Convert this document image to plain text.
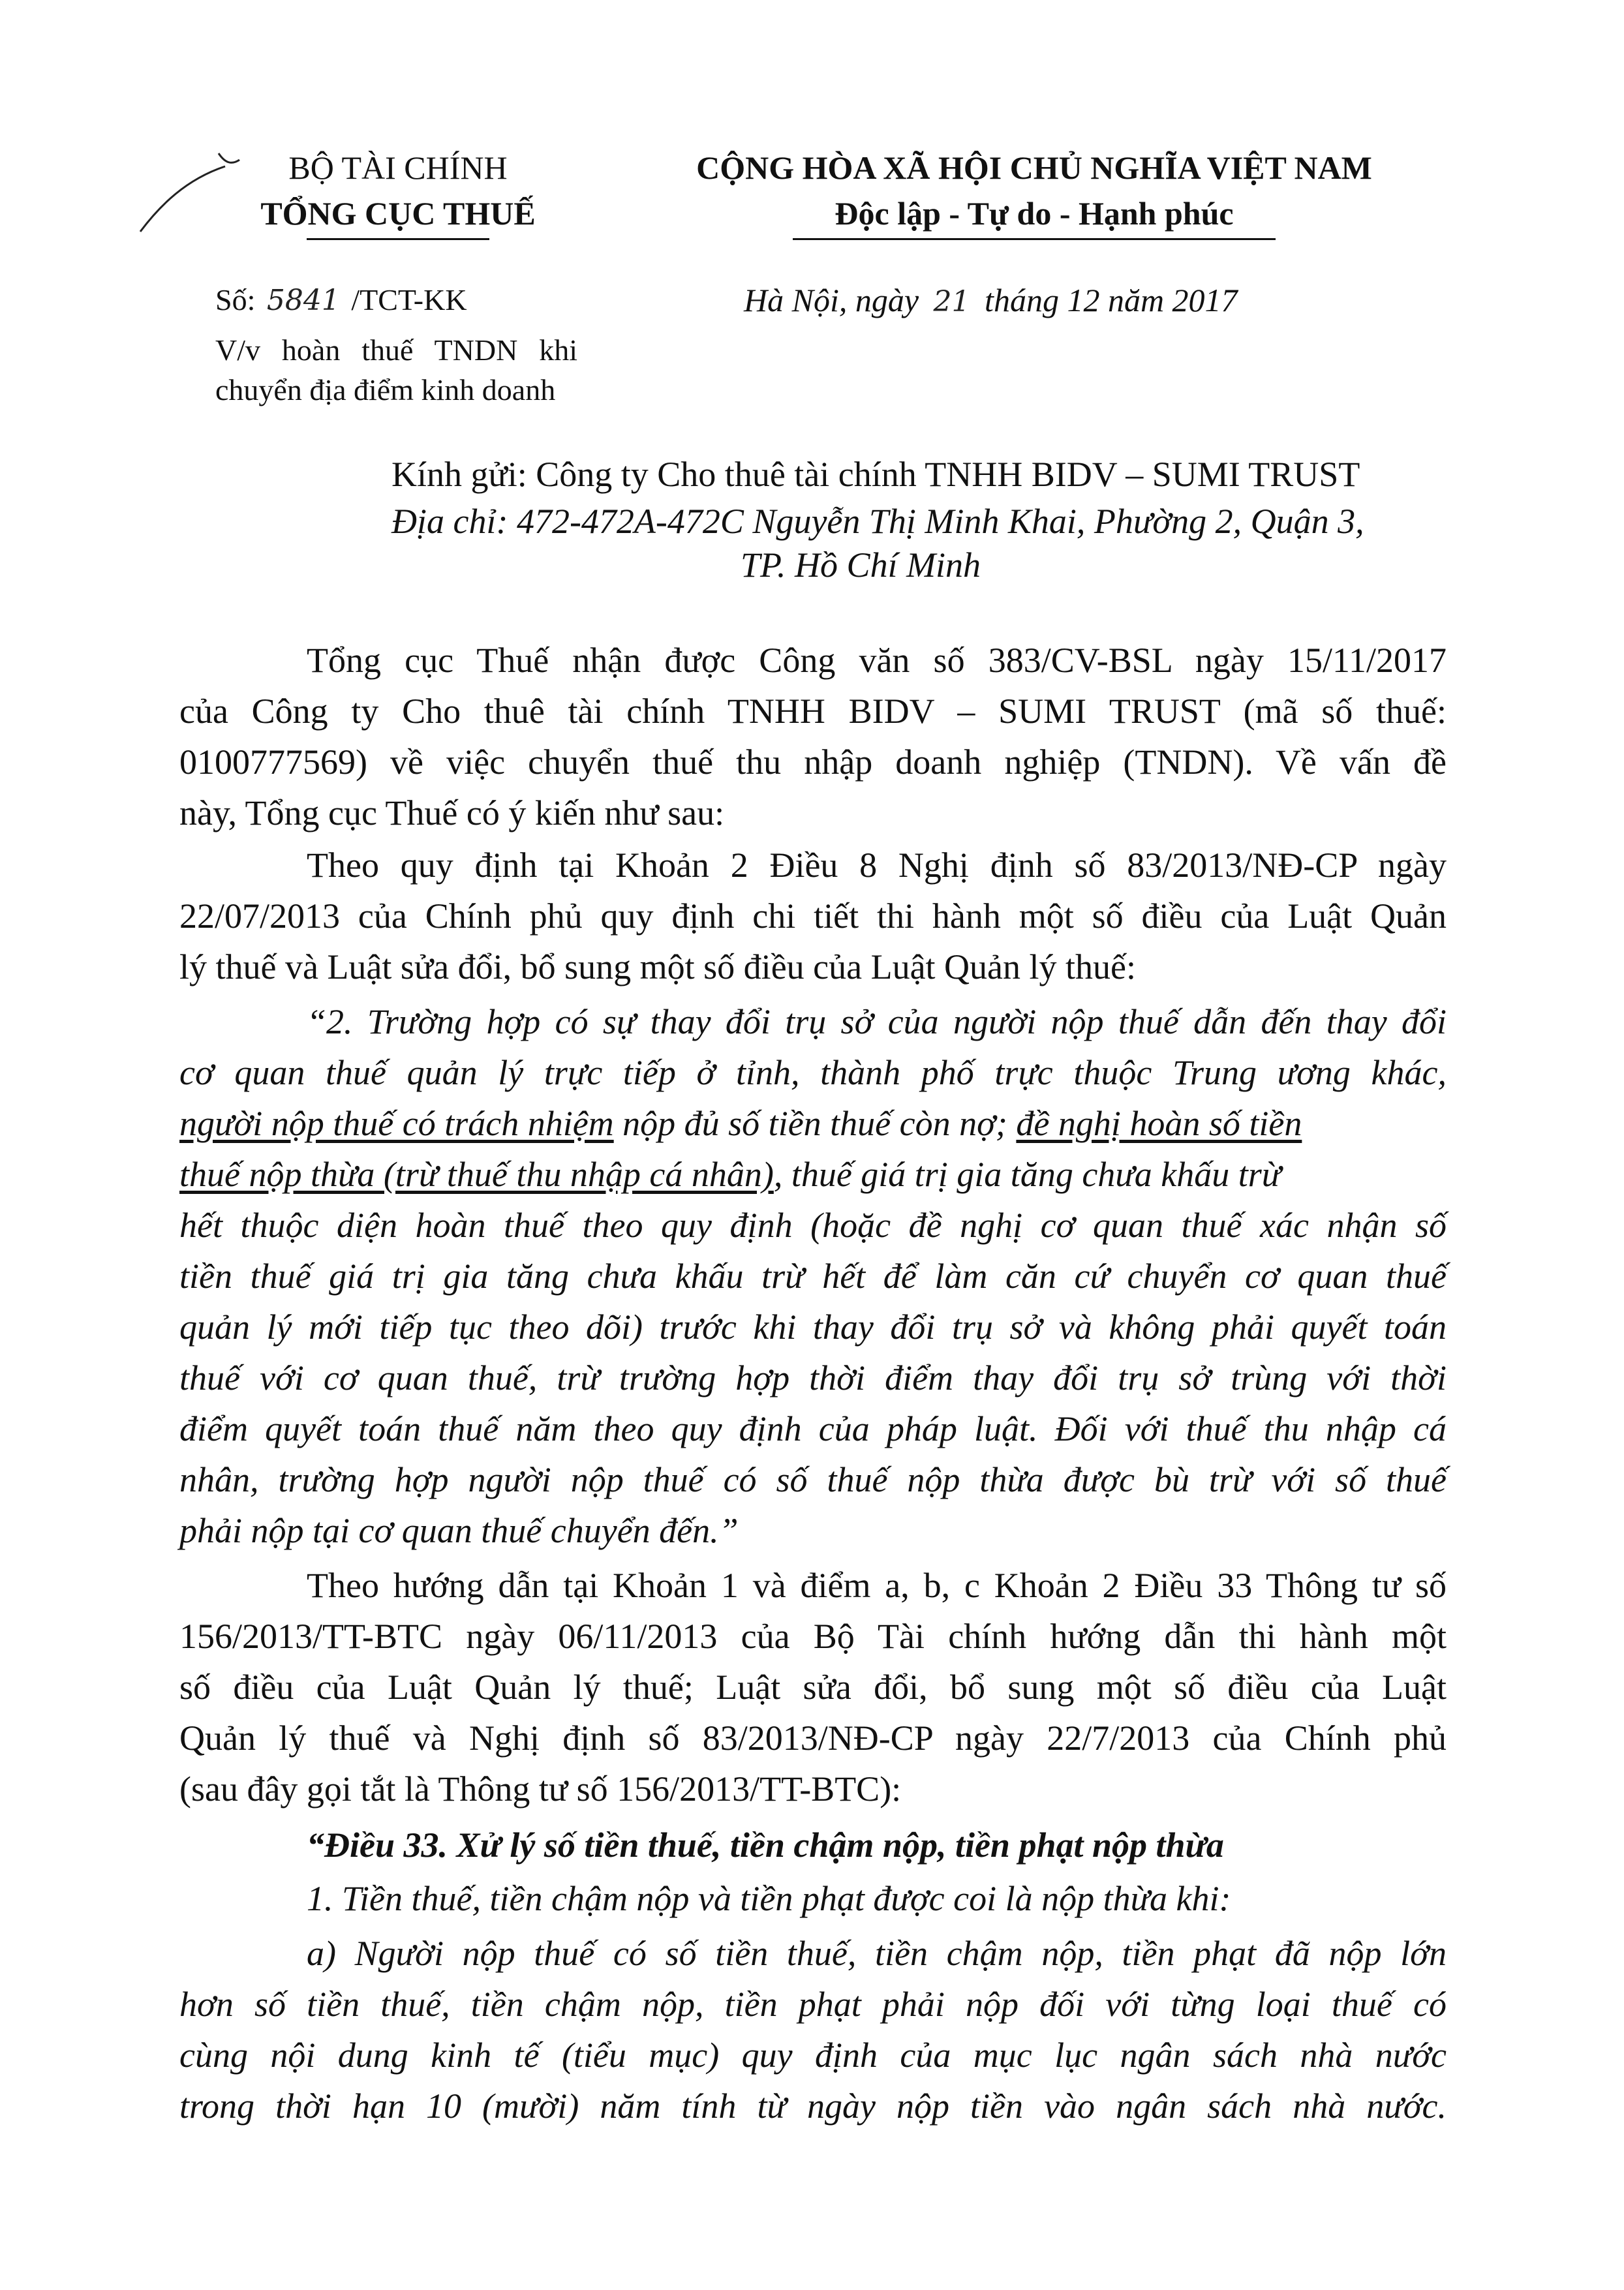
BỘ TÀI CHÍNH
TỔNG CỤC THUẾ
CỘNG HÒA XÃ HỘI CHỦ NGHĨA VIỆT NAM
Độc lập - Tự do - Hạnh phúc
Số: 5841 /TCT-KK
V/v hoàn thuế TNDN khi
chuyển địa điểm kinh doanh
Hà Nội, ngày 21 tháng 12 năm 2017
Kính gửi: Công ty Cho thuê tài chính TNHH BIDV – SUMI TRUST
Địa chỉ: 472-472A-472C Nguyễn Thị Minh Khai, Phường 2, Quận 3,
TP. Hồ Chí Minh
Tổng cục Thuế nhận được Công văn số 383/CV-BSL ngày 15/11/2017
của Công ty Cho thuê tài chính TNHH BIDV – SUMI TRUST (mã số thuế:
0100777569) về việc chuyển thuế thu nhập doanh nghiệp (TNDN). Về vấn đề
này, Tổng cục Thuế có ý kiến như sau:
Theo quy định tại Khoản 2 Điều 8 Nghị định số 83/2013/NĐ-CP ngày
22/07/2013 của Chính phủ quy định chi tiết thi hành một số điều của Luật Quản
lý thuế và Luật sửa đổi, bổ sung một số điều của Luật Quản lý thuế:
“2. Trường hợp có sự thay đổi trụ sở của người nộp thuế dẫn đến thay đổi
cơ quan thuế quản lý trực tiếp ở tỉnh, thành phố trực thuộc Trung ương khác,
người nộp thuế có trách nhiệm nộp đủ số tiền thuế còn nợ; đề nghị hoàn số tiền
thuế nộp thừa (trừ thuế thu nhập cá nhân), thuế giá trị gia tăng chưa khấu trừ
hết thuộc diện hoàn thuế theo quy định (hoặc đề nghị cơ quan thuế xác nhận số
tiền thuế giá trị gia tăng chưa khấu trừ hết để làm căn cứ chuyển cơ quan thuế
quản lý mới tiếp tục theo dõi) trước khi thay đổi trụ sở và không phải quyết toán
thuế với cơ quan thuế, trừ trường hợp thời điểm thay đổi trụ sở trùng với thời
điểm quyết toán thuế năm theo quy định của pháp luật. Đối với thuế thu nhập cá
nhân, trường hợp người nộp thuế có số thuế nộp thừa được bù trừ với số thuế
phải nộp tại cơ quan thuế chuyển đến.”
Theo hướng dẫn tại Khoản 1 và điểm a, b, c Khoản 2 Điều 33 Thông tư số
156/2013/TT-BTC ngày 06/11/2013 của Bộ Tài chính hướng dẫn thi hành một
số điều của Luật Quản lý thuế; Luật sửa đổi, bổ sung một số điều của Luật
Quản lý thuế và Nghị định số 83/2013/NĐ-CP ngày 22/7/2013 của Chính phủ
(sau đây gọi tắt là Thông tư số 156/2013/TT-BTC):
“Điều 33. Xử lý số tiền thuế, tiền chậm nộp, tiền phạt nộp thừa
1. Tiền thuế, tiền chậm nộp và tiền phạt được coi là nộp thừa khi:
a) Người nộp thuế có số tiền thuế, tiền chậm nộp, tiền phạt đã nộp lớn
hơn số tiền thuế, tiền chậm nộp, tiền phạt phải nộp đối với từng loại thuế có
cùng nội dung kinh tế (tiểu mục) quy định của mục lục ngân sách nhà nước
trong thời hạn 10 (mười) năm tính từ ngày nộp tiền vào ngân sách nhà nước.
